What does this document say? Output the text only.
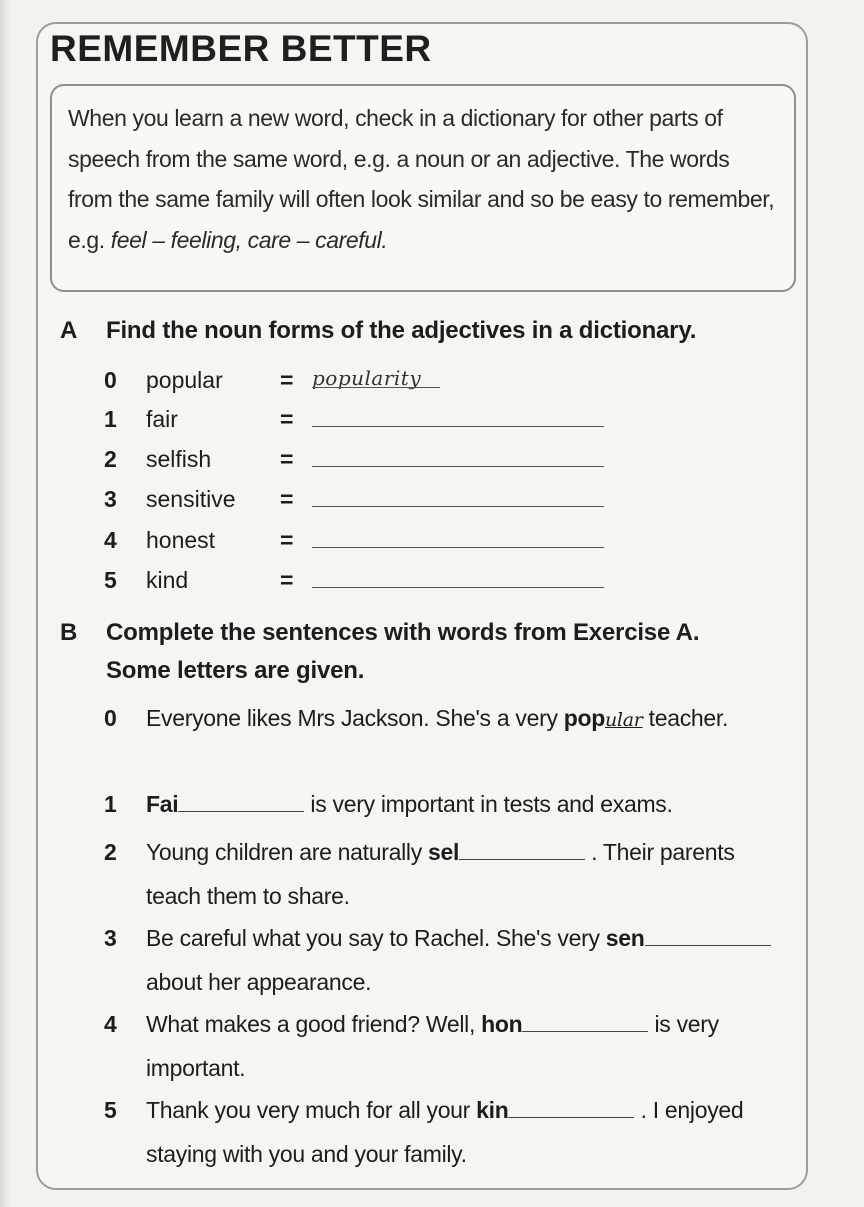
REMEMBER BETTER

When you learn a new word, check in a dictionary for other parts of speech from the same word, e.g. a noun or an adjective. The words from the same family will often look similar and so be easy to remember, e.g. feel – feeling, care – careful.

A Find the noun forms of the adjectives in a dictionary.
0 popular = popularity
1 fair	=
2 selfish	=
3 sensitive =
4 honest	=
5 kind	=
B Complete the sentences with words from Exercise A.
Some letters are given.
0	Everyone likes Mrs Jackson. She's a very popular teacher.
1	Fai	is very important in tests and exams.
2	Young children are naturally sel	. Their parents teach them to share.
3	Be careful what you say to Rachel. She's very sen about her appearance.
4	What makes a good friend? Well, hon	is very important.
5	Thank you very much for all your kin	. I enjoyed staying with you and your family.
